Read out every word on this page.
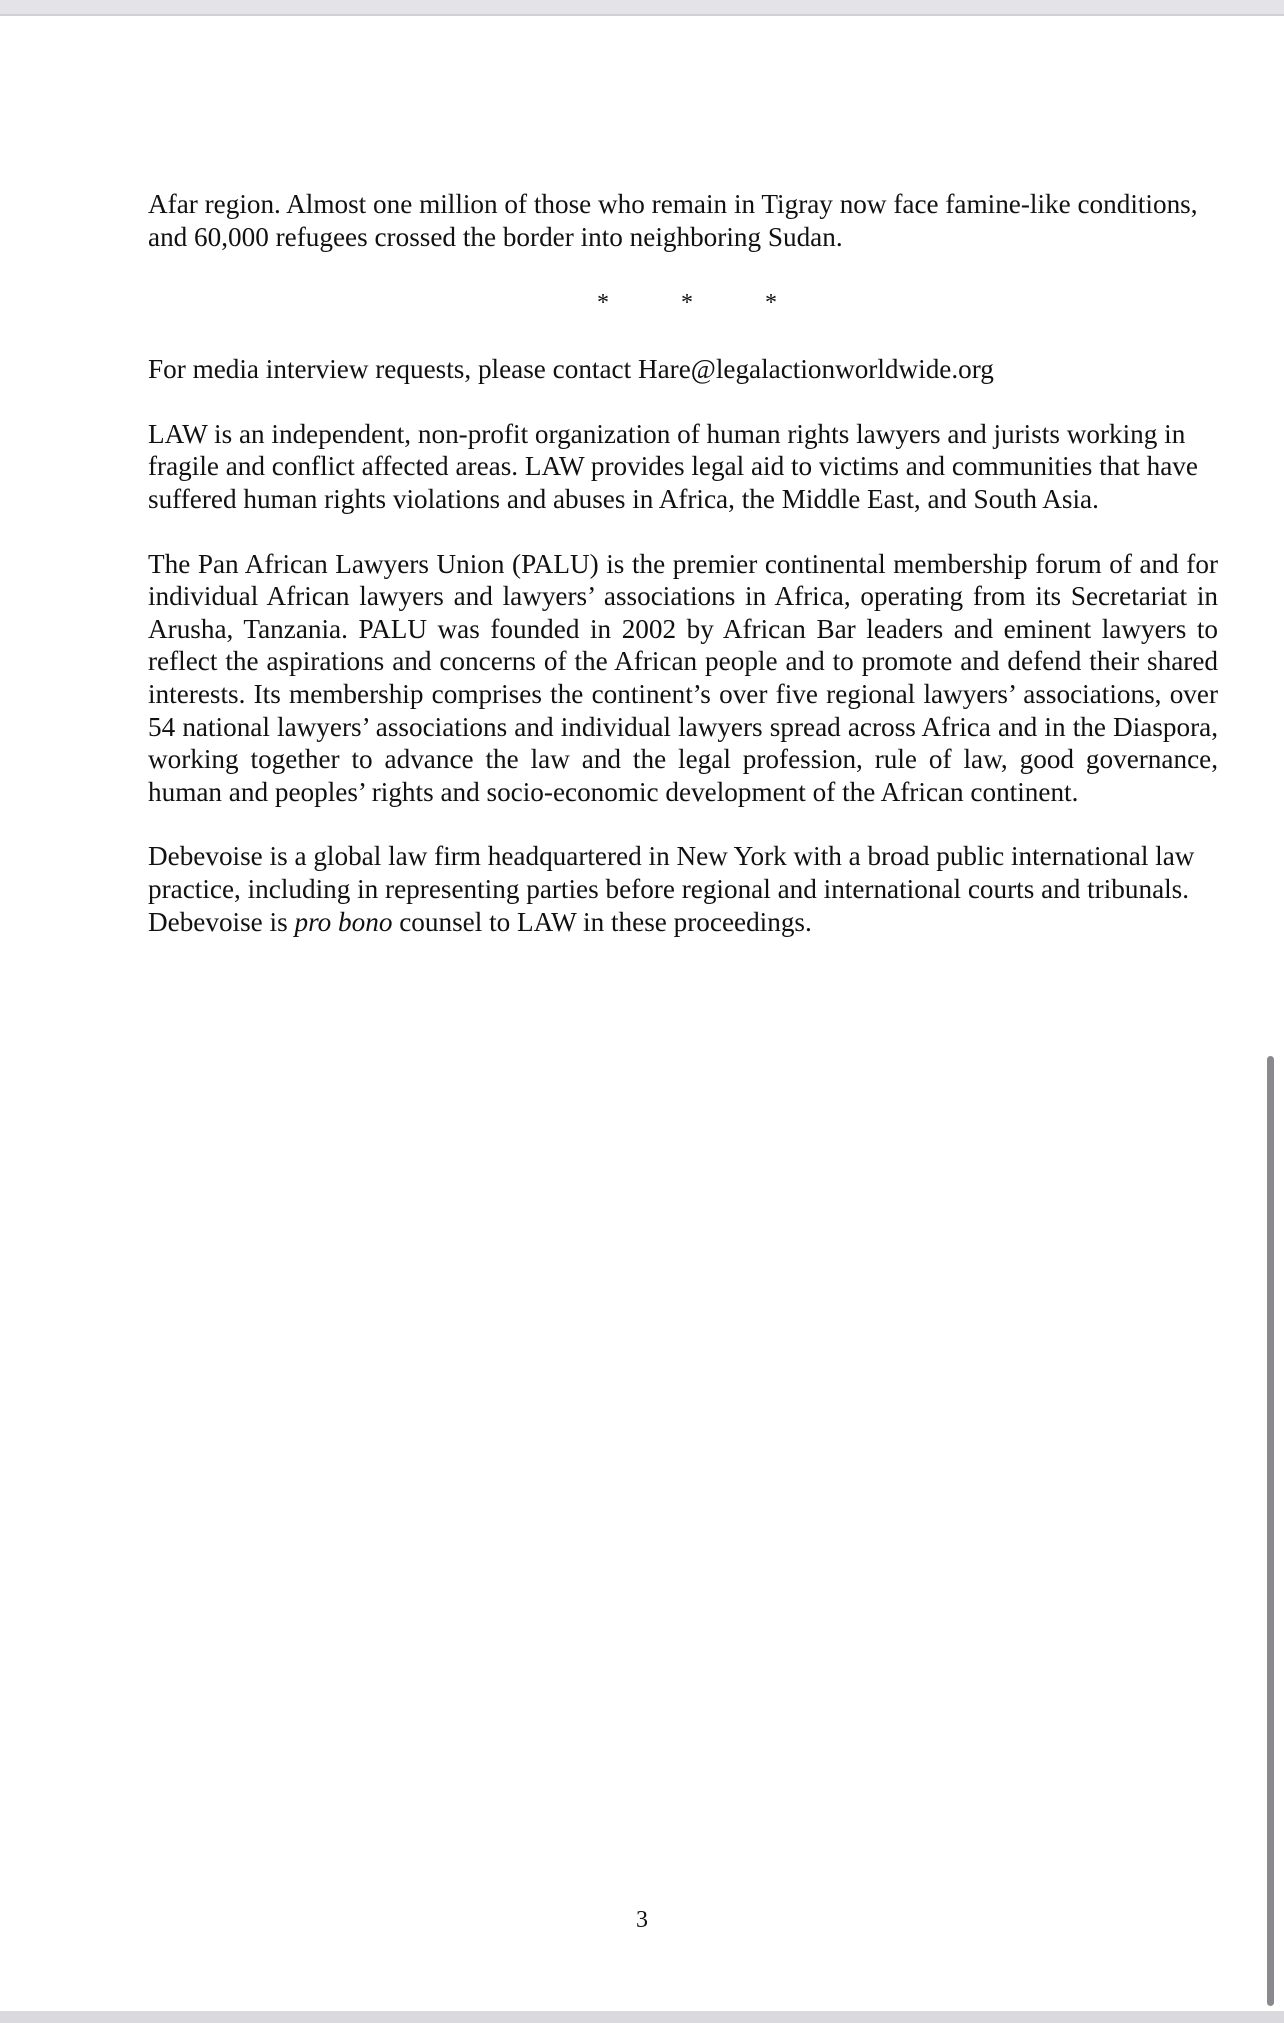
Afar region. Almost one million of those who remain in Tigray now face famine-like conditions, and 60,000 refugees crossed the border into neighboring Sudan.

*	*	*

For media interview requests, please contact Hare@legalactionworldwide.org

LAW is an independent, non-profit organization of human rights lawyers and jurists working in fragile and conflict affected areas. LAW provides legal aid to victims and communities that have suffered human rights violations and abuses in Africa, the Middle East, and South Asia.

The Pan African Lawyers Union (PALU) is the premier continental membership forum of and for individual African lawyers and lawyers’ associations in Africa, operating from its Secretariat in Arusha, Tanzania. PALU was founded in 2002 by African Bar leaders and eminent lawyers to reflect the aspirations and concerns of the African people and to promote and defend their shared interests. Its membership comprises the continent’s over five regional lawyers’ associations, over 54 national lawyers’ associations and individual lawyers spread across Africa and in the Diaspora, working together to advance the law and the legal profession, rule of law, good governance, human and peoples’ rights and socio-economic development of the African continent.

Debevoise is a global law firm headquartered in New York with a broad public international law practice, including in representing parties before regional and international courts and tribunals. Debevoise is pro bono counsel to LAW in these proceedings.

3
